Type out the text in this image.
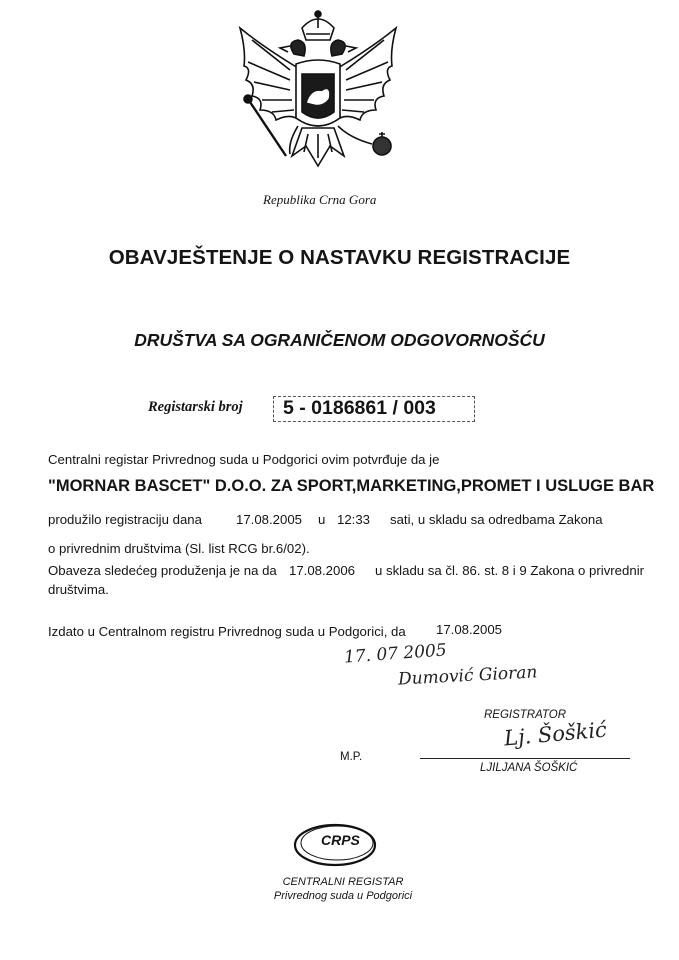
Republika Crna Gora
OBAVJEŠTENJE O NASTAVKU REGISTRACIJE
DRUŠTVA SA OGRANIČENOM ODGOVORNOŠĆU
Registarski broj 5 - 0186861 / 003
Centralni registar Privrednog suda u Podgorici ovim potvrđuje da je
"MORNAR BASCET" D.O.O. ZA SPORT,MARKETING,PROMET I USLUGE BAR
produžilo registraciju dana	17.08.2005 u 12:33 sati, u skladu sa odredbama Zakona
o privrednim društvima (Sl. list RCG br.6/02).
Obaveza sledećeg produženja je na da 17.08.2006 u skladu sa čl. 86. st. 8 i 9 Zakona o privrednir
društvima.
Izdato u Centralnom registru Privrednog suda u Podgorici, da 17.08.2005
17. 07 2005
Dumović Gioran
REGISTRATOR
Lj. Šoškić
M.P.
LJILJANA ŠOŠKIĆ
CRPS
CENTRALNI REGISTAR
Privrednog suda u Podgorici
